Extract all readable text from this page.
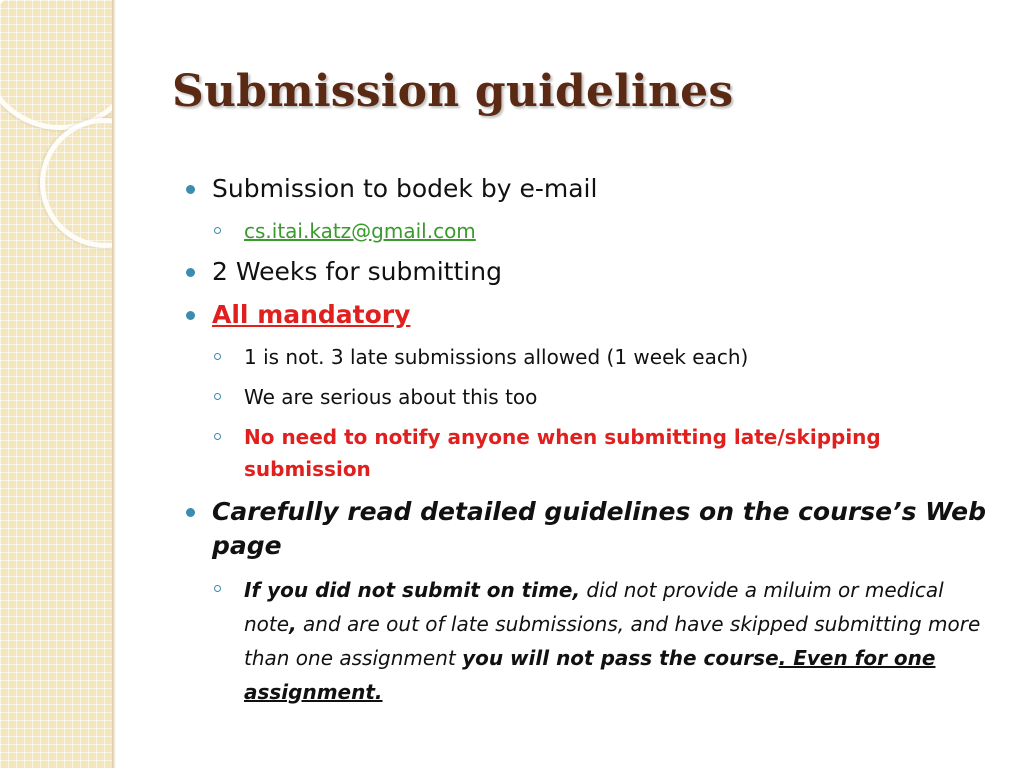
Submission guidelines
Submission to bodek by e-mail
cs.itai.katz@gmail.com
2 Weeks for submitting
All mandatory
1 is not. 3 late submissions allowed (1 week each)
We are serious about this too
No need to notify anyone when submitting late/skipping submission
Carefully read detailed guidelines on the course’s Web page
If you did not submit on time, did not provide a miluim or medical note, and are out of late submissions, and have skipped submitting more than one assignment you will not pass the course. Even for one assignment.
